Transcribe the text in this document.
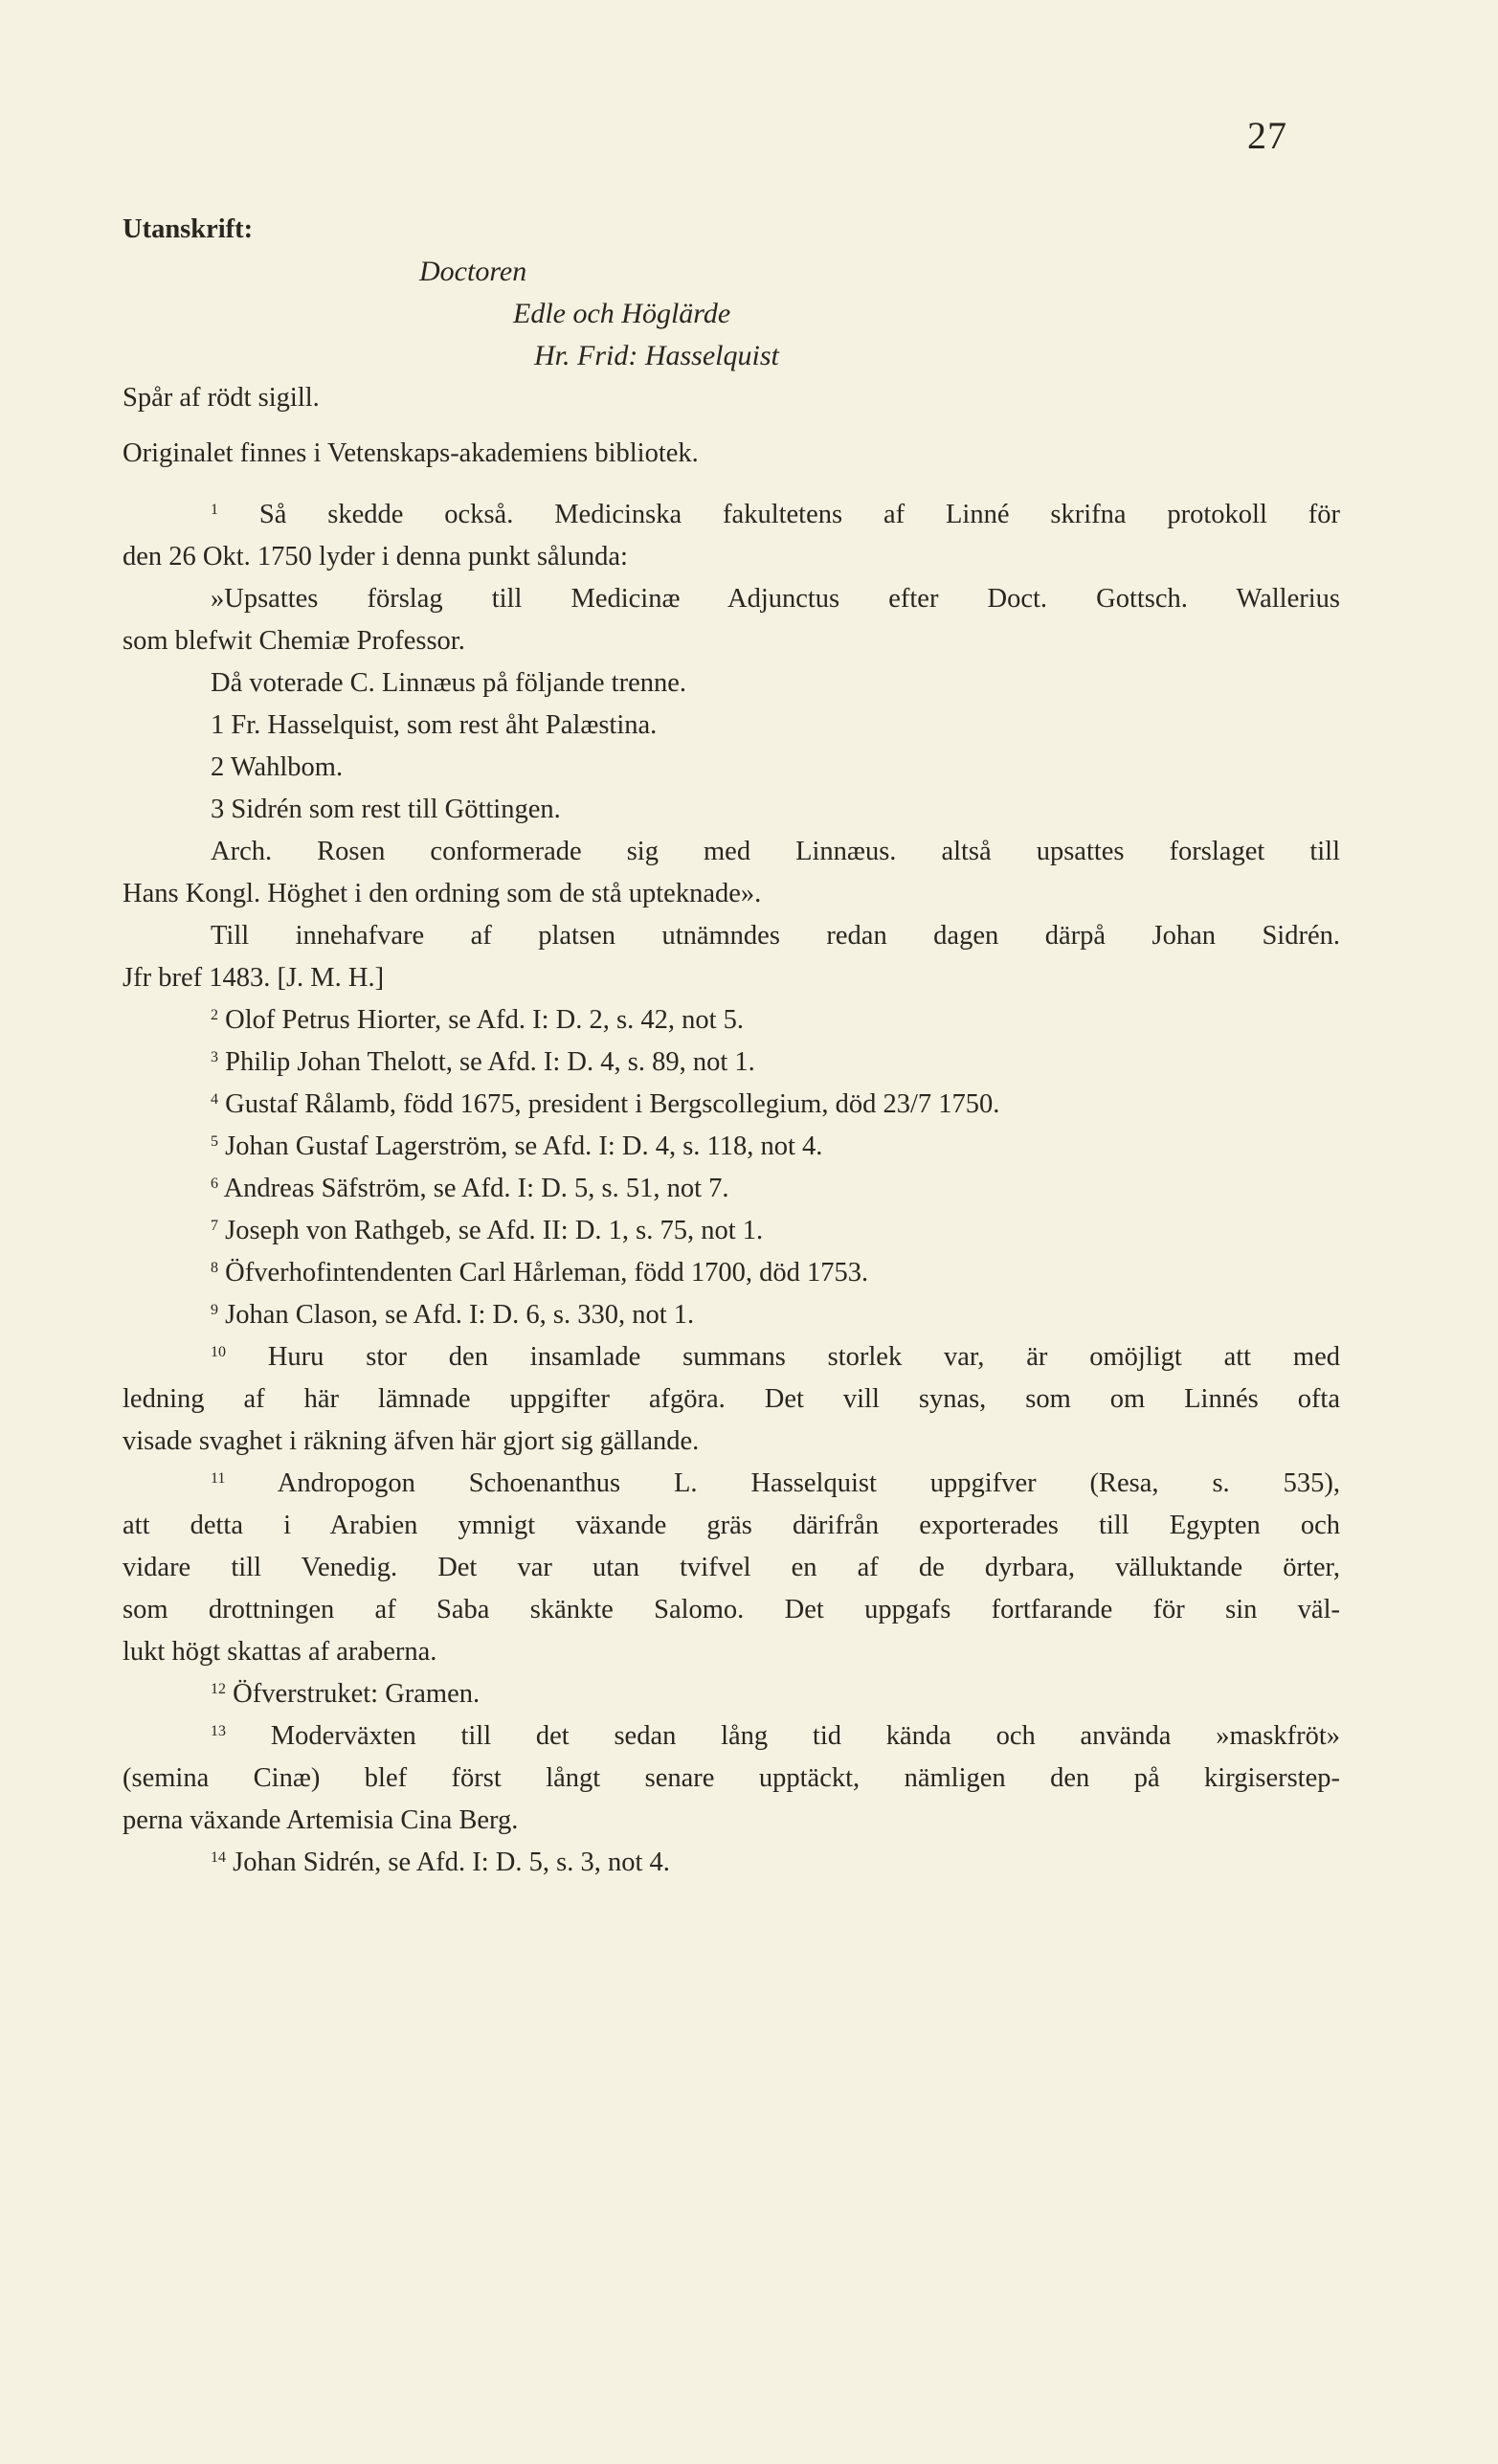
27
Utanskrift:
Doctoren
Edle och Höglärde
Hr. Frid: Hasselquist
Spår af rödt sigill.
Originalet finnes i Vetenskaps-akademiens bibliotek.
$^1$ Så skedde också. Medicinska fakultetens af Linné skrifna protokoll för
den 26 Okt. 1750 lyder i denna punkt sålunda:
»Upsattes förslag till Medicinæ Adjunctus efter Doct. Gottsch. Wallerius
som blefwit Chemiæ Professor.
Då voterade C. Linnæus på följande trenne.
1 Fr. Hasselquist, som rest åht Palæstina.
2 Wahlbom.
3 Sidrén som rest till Göttingen.
Arch. Rosen conformerade sig med Linnæus. altså upsattes forslaget till
Hans Kongl. Höghet i den ordning som de stå upteknade».
Till innehafvare af platsen utnämndes redan dagen därpå Johan Sidrén.
Jfr bref 1483. [J. M. H.]
$^2$ Olof Petrus Hiorter, se Afd. I: D. 2, s. 42, not 5.
$^3$ Philip Johan Thelott, se Afd. I: D. 4, s. 89, not 1.
$^4$ Gustaf Rålamb, född 1675, president i Bergscollegium, död 23/7 1750.
$^5$ Johan Gustaf Lagerström, se Afd. I: D. 4, s. 118, not 4.
$^6$ Andreas Säfström, se Afd. I: D. 5, s. 51, not 7.
$^7$ Joseph von Rathgeb, se Afd. II: D. 1, s. 75, not 1.
$^8$ Öfverhofintendenten Carl Hårleman, född 1700, död 1753.
$^9$ Johan Clason, se Afd. I: D. 6, s. 330, not 1.
$^{10}$ Huru stor den insamlade summans storlek var, är omöjligt att med
ledning af här lämnade uppgifter afgöra. Det vill synas, som om Linnés ofta
visade svaghet i räkning äfven här gjort sig gällande.
$^{11}$ Andropogon Schoenanthus L. Hasselquist uppgifver (Resa, s. 535),
att detta i Arabien ymnigt växande gräs därifrån exporterades till Egypten och
vidare till Venedig. Det var utan tvifvel en af de dyrbara, välluktande örter,
som drottningen af Saba skänkte Salomo. Det uppgafs fortfarande för sin väl-
lukt högt skattas af araberna.
$^{12}$ Öfverstruket: Gramen.
$^{13}$ Moderväxten till det sedan lång tid kända och använda »maskfröt»
(semina Cinæ) blef först långt senare upptäckt, nämligen den på kirgiserstep-
perna växande Artemisia Cina Berg.
$^{14}$ Johan Sidrén, se Afd. I: D. 5, s. 3, not 4.
